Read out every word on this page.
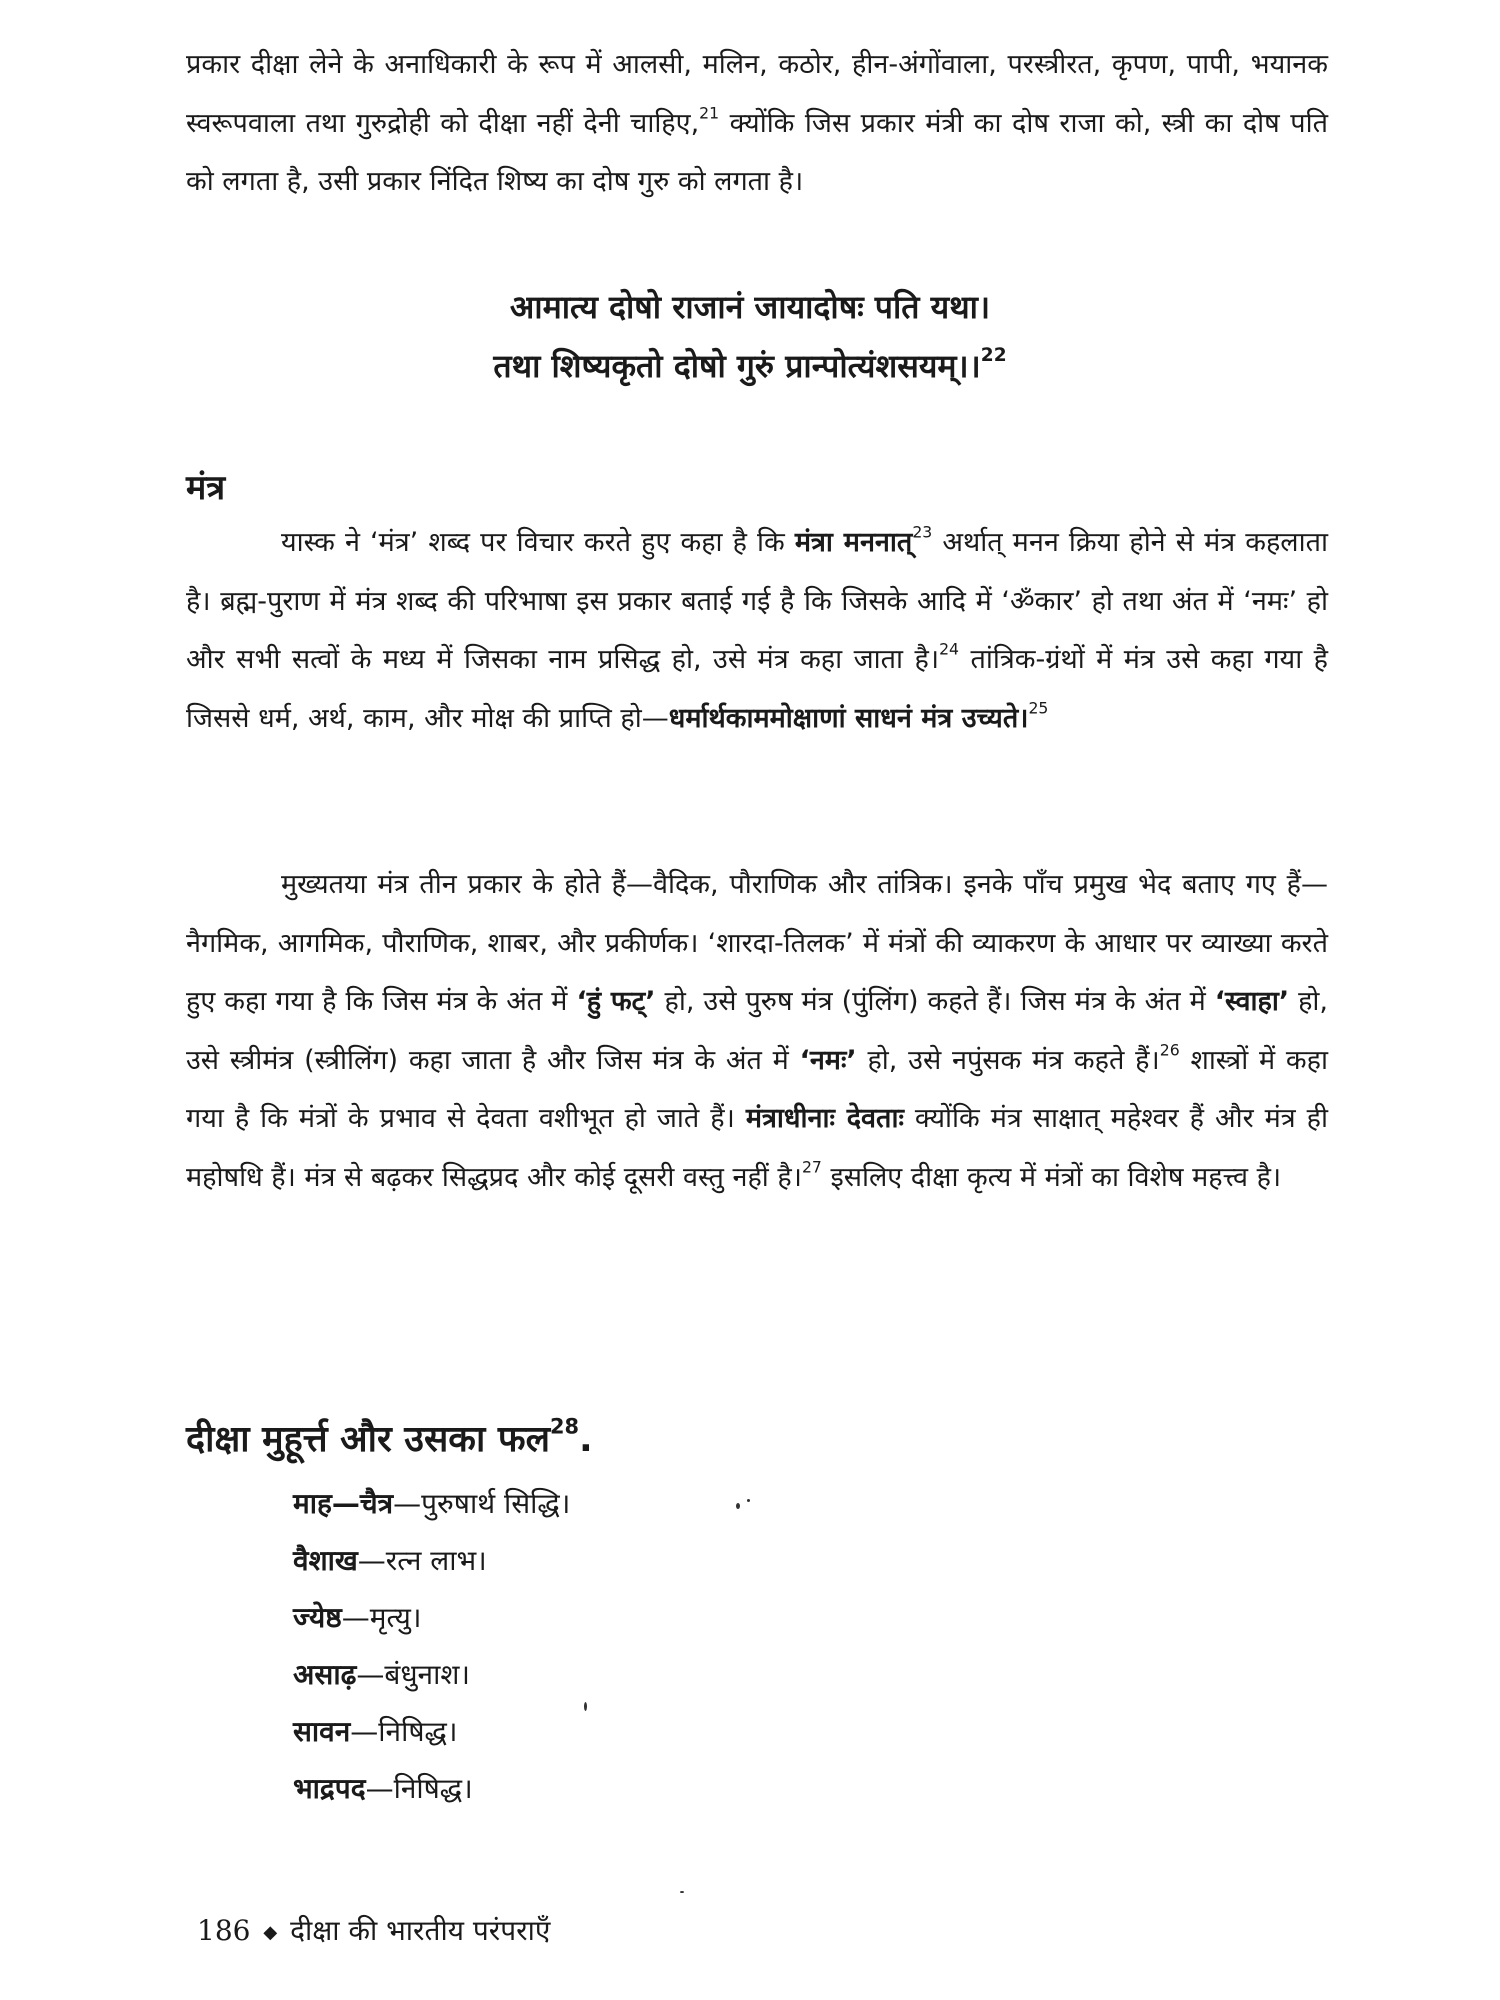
प्रकार दीक्षा लेने के अनाधिकारी के रूप में आलसी, मलिन, कठोर, हीन-अंगोंवाला, परस्त्रीरत, कृपण, पापी, भयानक स्वरूपवाला तथा गुरुद्रोही को दीक्षा नहीं देनी चाहिए,$^{21}$ क्योंकि जिस प्रकार मंत्री का दोष राजा को, स्त्री का दोष पति को लगता है, उसी प्रकार निंदित शिष्य का दोष गुरु को लगता है।

आमात्य दोषो राजानं जायादोषः पति यथा।
तथा शिष्यकृतो दोषो गुरुं प्रान्पोत्यंशसयम्।।$^{22}$
मंत्र

यास्क ने ‘मंत्र’ शब्द पर विचार करते हुए कहा है कि मंत्रा मननात्$^{23}$ अर्थात् मनन क्रिया होने से मंत्र कहलाता है। ब्रह्म-पुराण में मंत्र शब्द की परिभाषा इस प्रकार बताई गई है कि जिसके आदि में ‘ॐकार’ हो तथा अंत में ‘नमः’ हो और सभी सत्वों के मध्य में जिसका नाम प्रसिद्ध हो, उसे मंत्र कहा जाता है।$^{24}$ तांत्रिक-ग्रंथों में मंत्र उसे कहा गया है जिससे धर्म, अर्थ, काम, और मोक्ष की प्राप्ति हो—धर्मार्थकाममोक्षाणां साधनं मंत्र उच्यते।$^{25}$

मुख्यतया मंत्र तीन प्रकार के होते हैं—वैदिक, पौराणिक और तांत्रिक। इनके पाँच प्रमुख भेद बताए गए हैं—नैगमिक, आगमिक, पौराणिक, शाबर, और प्रकीर्णक। ‘शारदा-तिलक’ में मंत्रों की व्याकरण के आधार पर व्याख्या करते हुए कहा गया है कि जिस मंत्र के अंत में ‘हुं फट्’ हो, उसे पुरुष मंत्र (पुंलिंग) कहते हैं। जिस मंत्र के अंत में ‘स्वाहा’ हो, उसे स्त्रीमंत्र (स्त्रीलिंग) कहा जाता है और जिस मंत्र के अंत में ‘नमः’ हो, उसे नपुंसक मंत्र कहते हैं।$^{26}$ शास्त्रों में कहा गया है कि मंत्रों के प्रभाव से देवता वशीभूत हो जाते हैं। मंत्राधीनाः देवताः क्योंकि मंत्र साक्षात् महेश्वर हैं और मंत्र ही महोषधि हैं। मंत्र से बढ़कर सिद्धप्रद और कोई दूसरी वस्तु नहीं है।$^{27}$ इसलिए दीक्षा कृत्य में मंत्रों का विशेष महत्त्व है।

दीक्षा मुहूर्त्त और उसका फल$^{28}$.
माह—चैत्र—पुरुषार्थ सिद्धि।
वैशाख—रत्न लाभ।
ज्येष्ठ—मृत्यु।
असाढ़—बंधुनाश।
सावन—निषिद्ध।
भाद्रपद—निषिद्ध।
186 ◆ दीक्षा की भारतीय परंपराएँ
